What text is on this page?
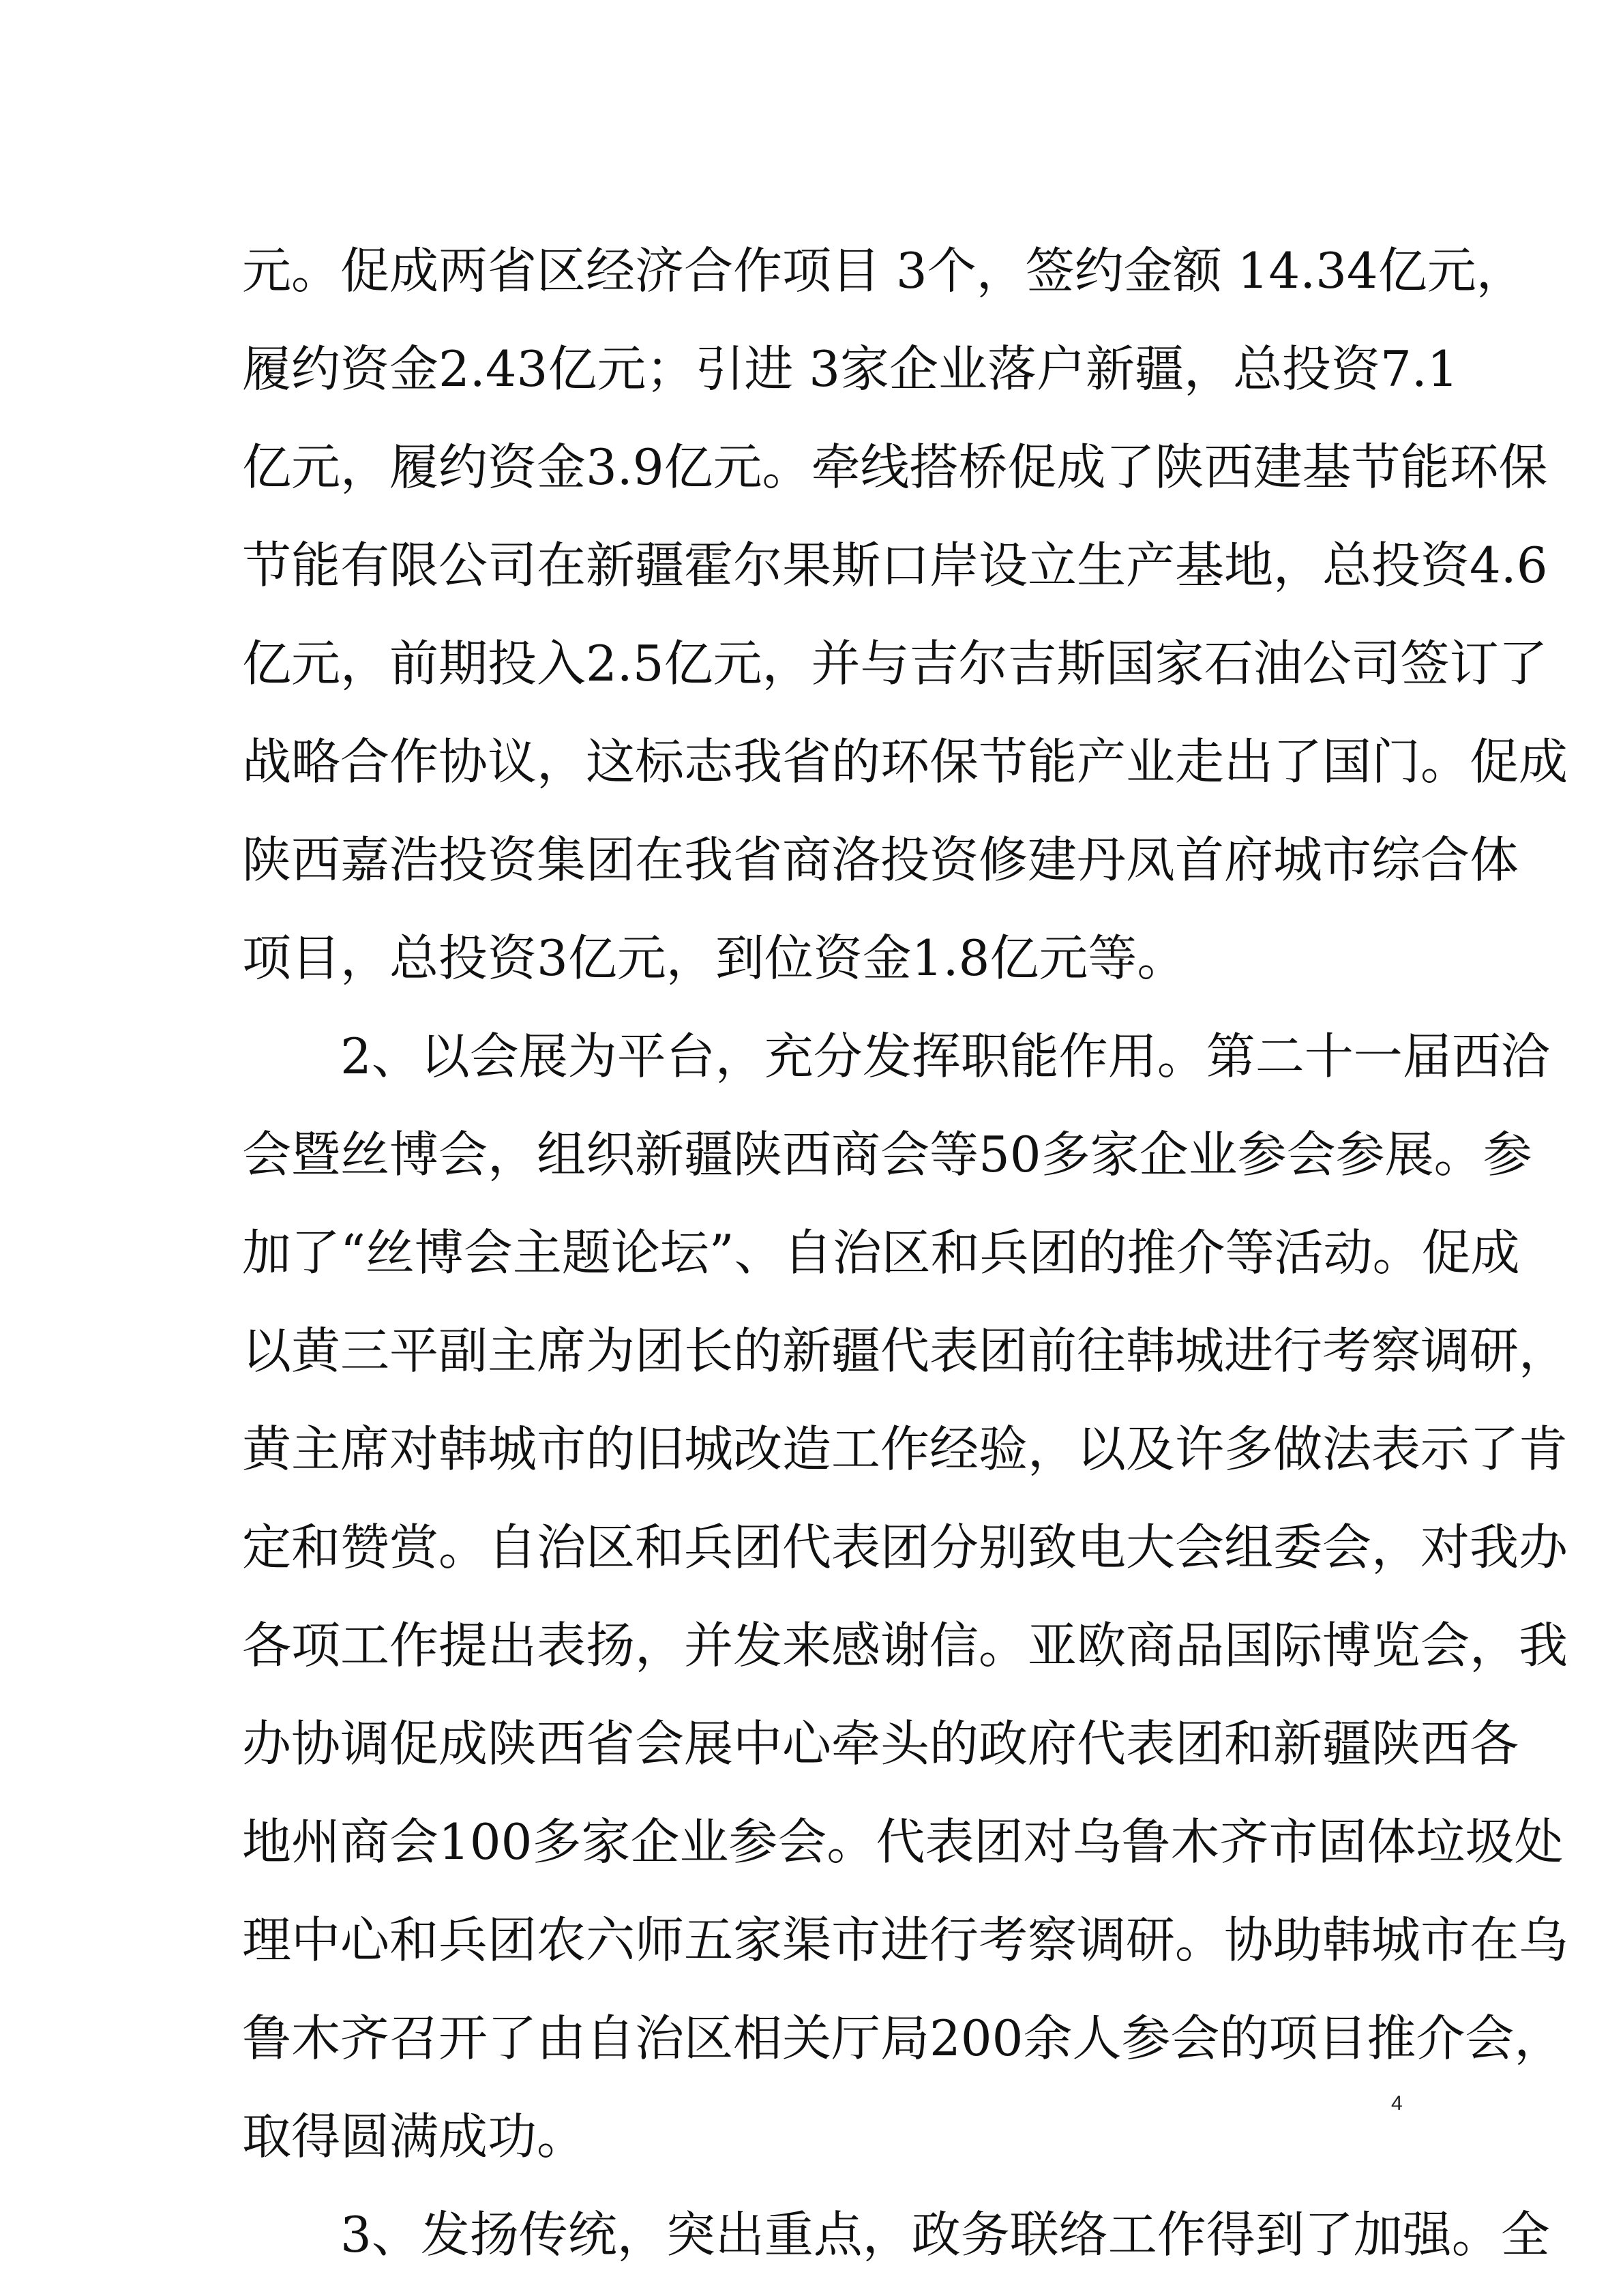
元。促成两省区经济合作项目 3个，签约金额 14.34亿元，
履约资金2.43亿元；引进 3家企业落户新疆，总投资7.1
亿元，履约资金3.9亿元。牵线搭桥促成了陕西建基节能环保
节能有限公司在新疆霍尔果斯口岸设立生产基地，总投资4.6
亿元，前期投入2.5亿元，并与吉尔吉斯国家石油公司签订了
战略合作协议，这标志我省的环保节能产业走出了国门。促成
陕西嘉浩投资集团在我省商洛投资修建丹凤首府城市综合体
项目，总投资3亿元，到位资金1.8亿元等。
2、以会展为平台，充分发挥职能作用。第二十一届西洽
会暨丝博会，组织新疆陕西商会等50多家企业参会参展。参
加了“丝博会主题论坛”、自治区和兵团的推介等活动。促成
以黄三平副主席为团长的新疆代表团前往韩城进行考察调研，
黄主席对韩城市的旧城改造工作经验，以及许多做法表示了肯
定和赞赏。自治区和兵团代表团分别致电大会组委会，对我办
各项工作提出表扬，并发来感谢信。亚欧商品国际博览会，我
办协调促成陕西省会展中心牵头的政府代表团和新疆陕西各
地州商会100多家企业参会。代表团对乌鲁木齐市固体垃圾处
理中心和兵团农六师五家渠市进行考察调研。协助韩城市在乌
鲁木齐召开了由自治区相关厅局200余人参会的项目推介会，
取得圆满成功。
3、发扬传统，突出重点，政务联络工作得到了加强。全
4
